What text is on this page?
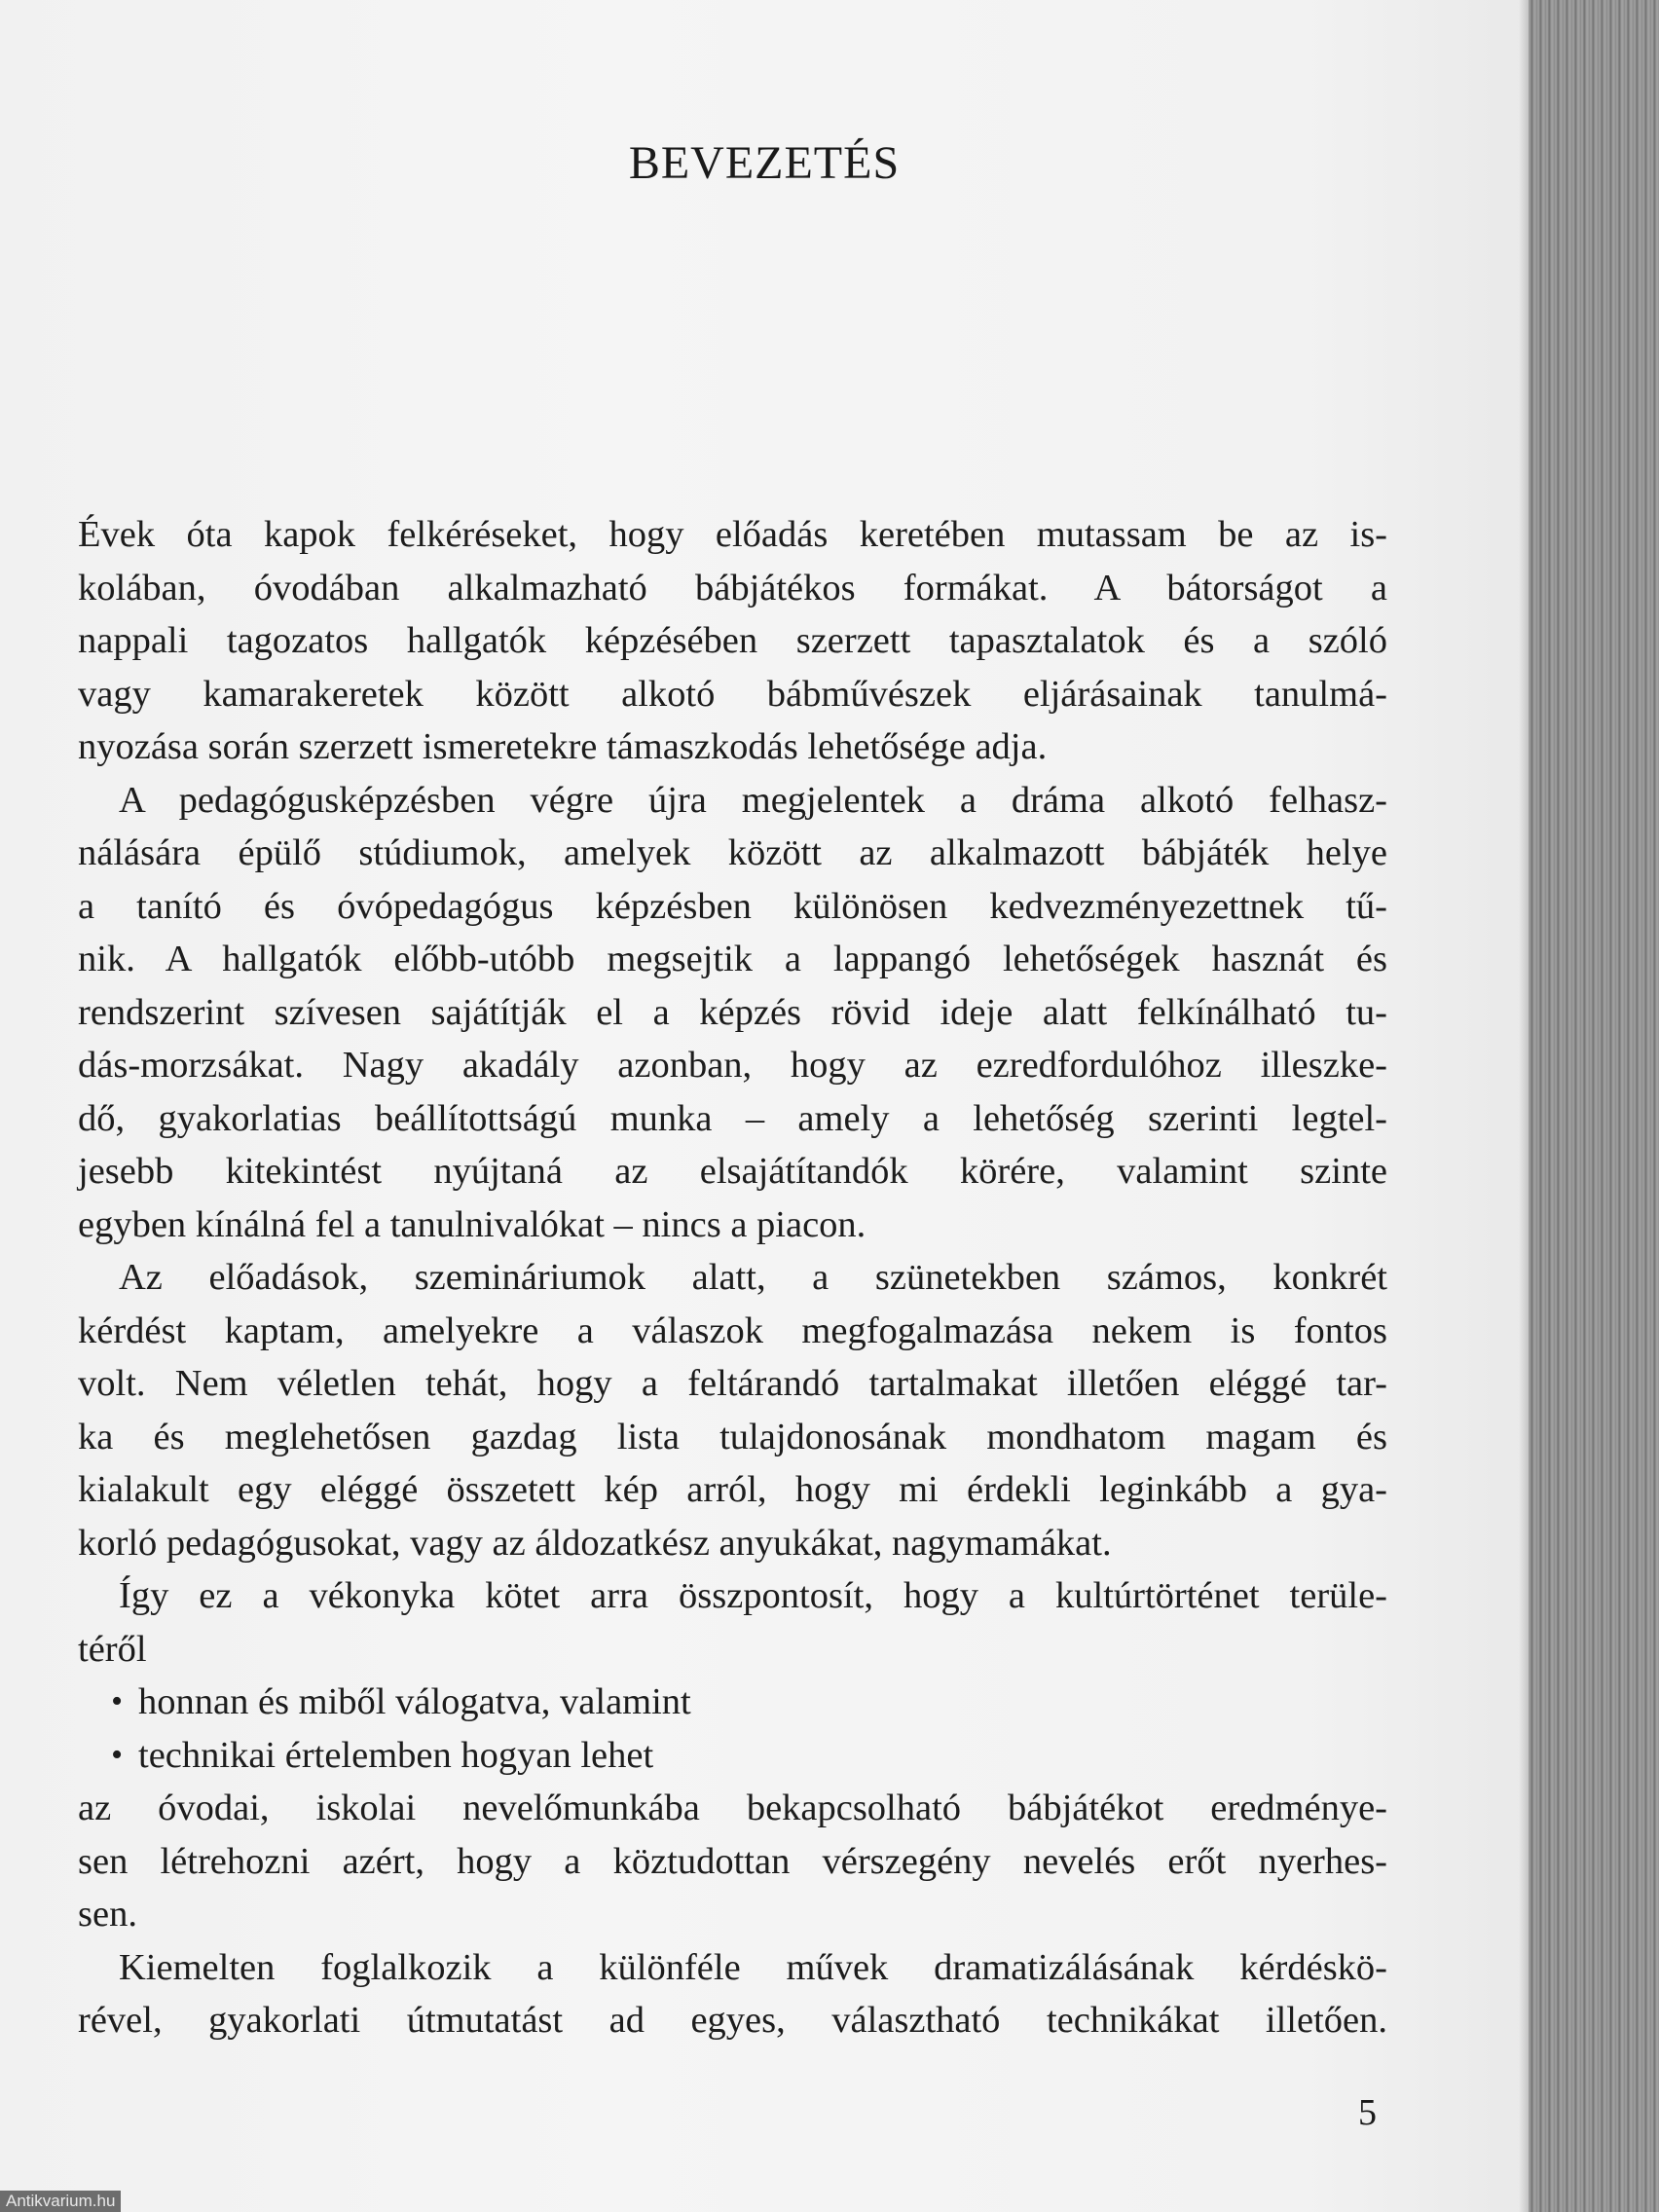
BEVEZETÉS

Évek óta kapok felkéréseket, hogy előadás keretében mutassam be az is-

kolában, óvodában alkalmazható bábjátékos formákat. A bátorságot a

nappali tagozatos hallgatók képzésében szerzett tapasztalatok és a szóló

vagy kamarakeretek között alkotó bábművészek eljárásainak tanulmá-

nyozása során szerzett ismeretekre támaszkodás lehetősége adja.

A pedagógusképzésben végre újra megjelentek a dráma alkotó felhasz-

nálására épülő stúdiumok, amelyek között az alkalmazott bábjáték helye

a tanító és óvópedagógus képzésben különösen kedvezményezettnek tű-

nik. A hallgatók előbb-utóbb megsejtik a lappangó lehetőségek hasznát és

rendszerint szívesen sajátítják el a képzés rövid ideje alatt felkínálható tu-

dás-morzsákat. Nagy akadály azonban, hogy az ezredfordulóhoz illeszke-

dő, gyakorlatias beállítottságú munka – amely a lehetőség szerinti legtel-

jesebb kitekintést nyújtaná az elsajátítandók körére, valamint szinte

egyben kínálná fel a tanulnivalókat – nincs a piacon.

Az előadások, szemináriumok alatt, a szünetekben számos, konkrét

kérdést kaptam, amelyekre a válaszok megfogalmazása nekem is fontos

volt. Nem véletlen tehát, hogy a feltárandó tartalmakat illetően eléggé tar-

ka és meglehetősen gazdag lista tulajdonosának mondhatom magam és

kialakult egy eléggé összetett kép arról, hogy mi érdekli leginkább a gya-

korló pedagógusokat, vagy az áldozatkész anyukákat, nagymamákat.

Így ez a vékonyka kötet arra összpontosít, hogy a kultúrtörténet terüle-

téről

• honnan és miből válogatva, valamint
• technikai értelemben hogyan lehet

az óvodai, iskolai nevelőmunkába bekapcsolható bábjátékot eredménye-

sen létrehozni azért, hogy a köztudottan vérszegény nevelés erőt nyerhes-

sen.

Kiemelten foglalkozik a különféle művek dramatizálásának kérdéskö-

rével, gyakorlati útmutatást ad egyes, választható technikákat illetően.

5
Antikvarium.hu
